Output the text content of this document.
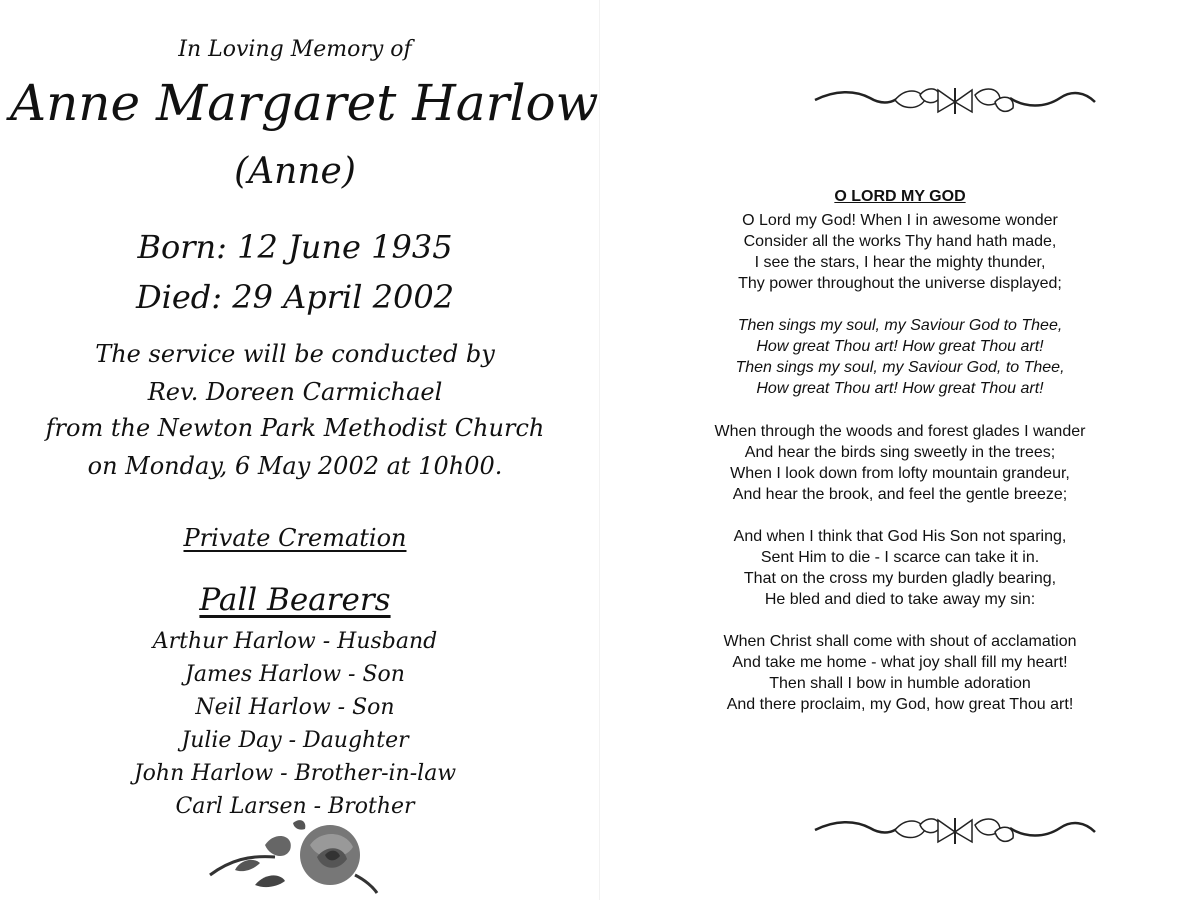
In Loving Memory of
Anne Margaret Harlow
(Anne)
Born: 12 June 1935
Died: 29 April 2002
The service will be conducted by
Rev. Doreen Carmichael
from the Newton Park Methodist Church
on Monday, 6 May 2002 at 10h00.
Private Cremation
Pall Bearers
Arthur Harlow - Husband
James Harlow - Son
Neil Harlow - Son
Julie Day - Daughter
John Harlow - Brother-in-law
Carl Larsen - Brother
O LORD MY GOD
O Lord my God! When I in awesome wonder
Consider all the works Thy hand hath made,
I see the stars, I hear the mighty thunder,
Thy power throughout the universe displayed;
Then sings my soul, my Saviour God to Thee,
How great Thou art! How great Thou art!
Then sings my soul, my Saviour God, to Thee,
How great Thou art! How great Thou art!
When through the woods and forest glades I wander
And hear the birds sing sweetly in the trees;
When I look down from lofty mountain grandeur,
And hear the brook, and feel the gentle breeze;
And when I think that God His Son not sparing,
Sent Him to die - I scarce can take it in.
That on the cross my burden gladly bearing,
He bled and died to take away my sin:
When Christ shall come with shout of acclamation
And take me home - what joy shall fill my heart!
Then shall I bow in humble adoration
And there proclaim, my God, how great Thou art!
